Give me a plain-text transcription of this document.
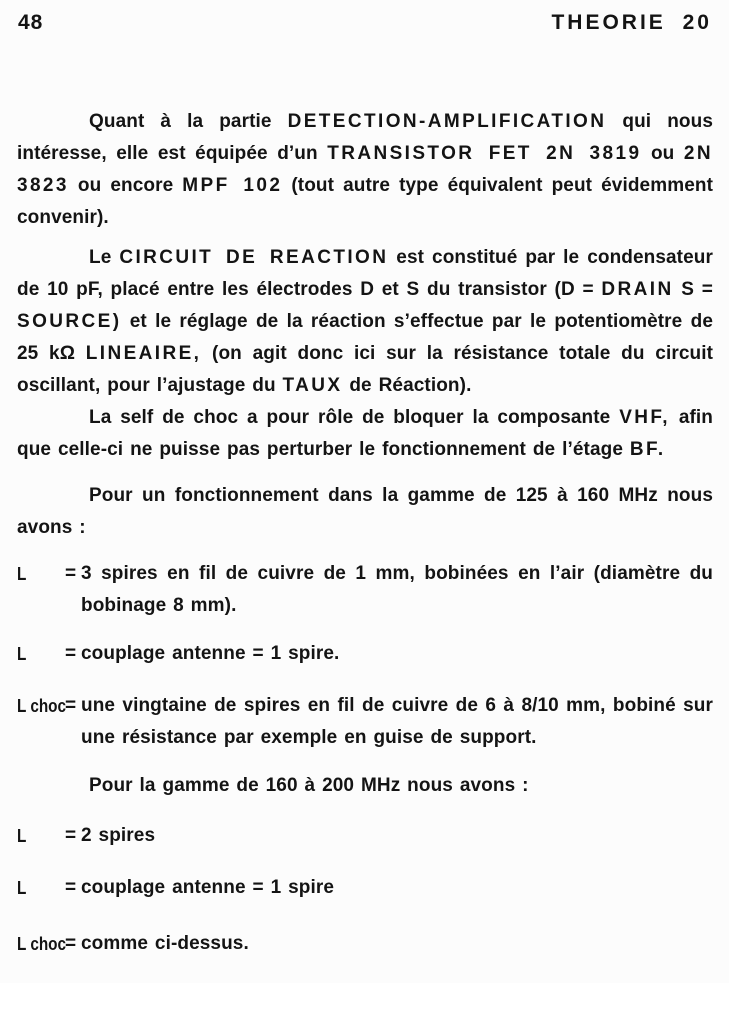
48	THEORIE 20

Quant à la partie DETECTION-AMPLIFICATION qui nous intéresse, elle est équipée d’un TRANSISTOR FET 2N 3819 ou 2N 3823 ou encore MPF 102 (tout autre type équivalent peut évidemment convenir).

Le CIRCUIT DE REACTION est constitué par le condensateur de 10 pF, placé entre les électrodes D et S du transistor (D = DRAIN S = SOURCE) et le réglage de la réaction s’effectue par le potentiomètre de 25 kΩ LINEAIRE, (on agit donc ici sur la résistance totale du circuit oscillant, pour l’ajustage du TAUX de Réaction).

La self de choc a pour rôle de bloquer la composante VHF, afin que celle-ci ne puisse pas perturber le fonctionnement de l’étage BF.

Pour un fonctionnement dans la gamme de 125 à 160 MHz nous avons :

L = 3 spires en fil de cuivre de 1 mm, bobinées en l’air (diamètre du bobinage 8 mm).
L = couplage antenne = 1 spire.
L choc
= une vingtaine de spires en fil de cuivre de 6 à 8/10 mm, bobiné sur une résistance par exemple en guise de support.

Pour la gamme de 160 à 200 MHz nous avons :

L = 2 spires
L = couplage antenne = 1 spire
L choc
= comme ci-dessus.
